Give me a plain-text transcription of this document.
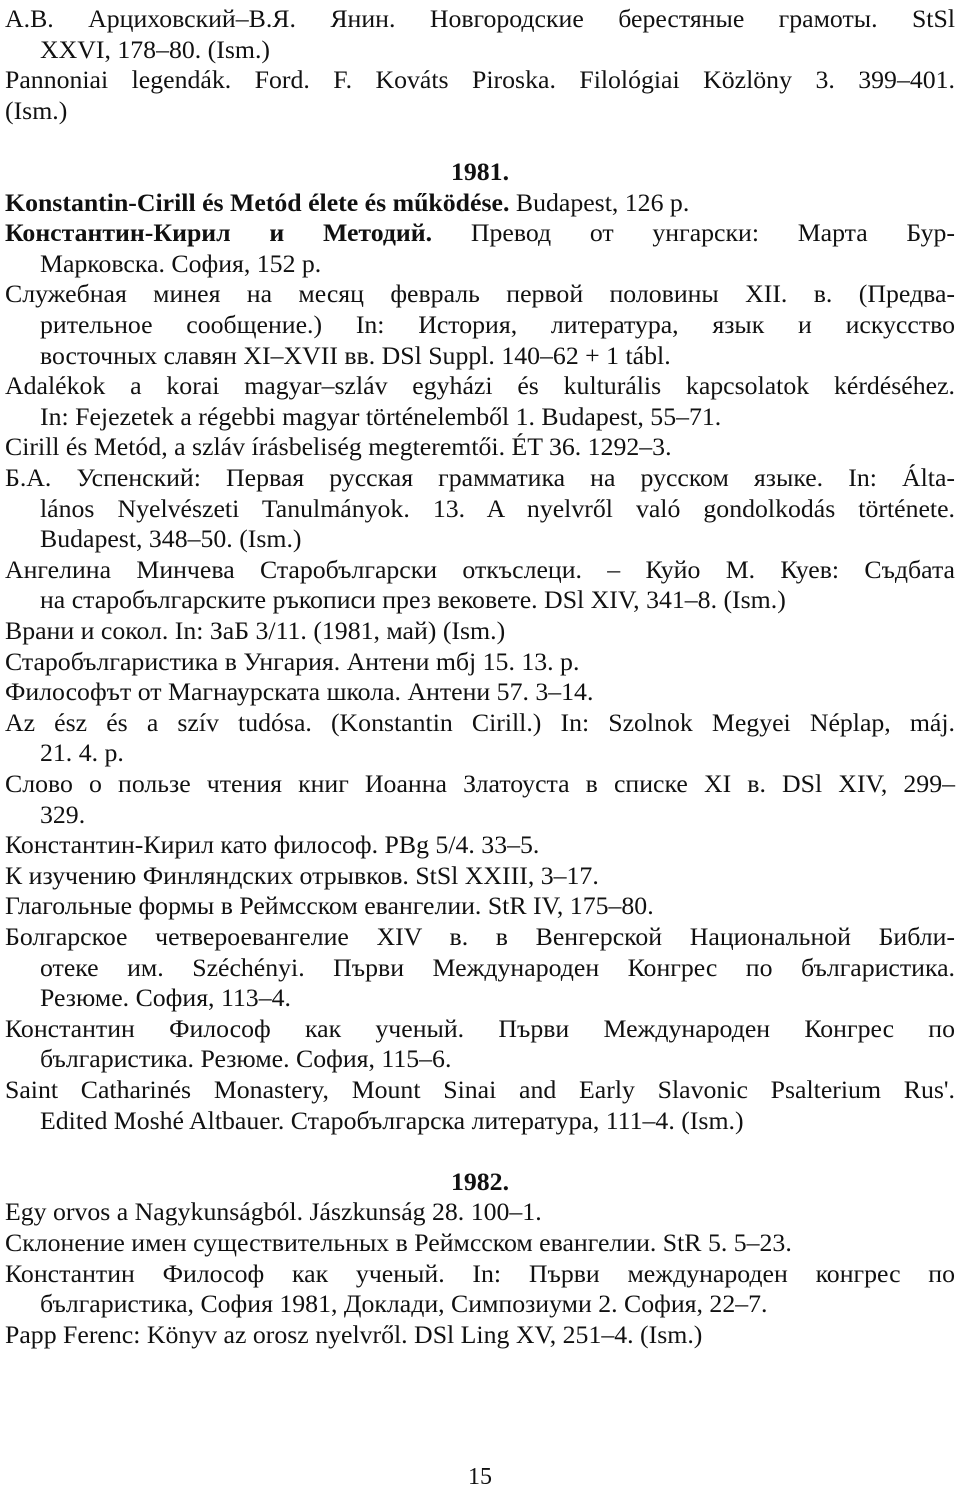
А.В. Арциховский–В.Я. Янин. Новгородские берестяные грамоты. StSl
XXVI, 178–80. (Ism.)
Pannoniai legendák. Ford. F. Kováts Piroska. Filológiai Közlöny 3. 399–401.
(Ism.)
1981.
Konstantin-Cirill és Metód élete és működése. Budapest, 126 p.
Константин-Кирил и Методий. Превод от унгарски: Марта Бур-
Марковска. София, 152 p.
Служебная минея на месяц февраль первой половины XII. в. (Предва-
рительное сообщение.) In: История, литература, язык и искусство
восточных славян XI–XVII вв. DSl Suppl. 140–62 + 1 tábl.
Adalékok a korai magyar–szláv egyházi és kulturális kapcsolatok kérdéséhez.
In: Fejezetek a régebbi magyar történelemből 1. Budapest, 55–71.
Cirill és Metód, a szláv írásbeliség megteremtői. ÉT 36. 1292–3.
Б.А. Успенский: Первая русская грамматика на русском языке. In: Álta-
lános Nyelvészeti Tanulmányok. 13. A nyelvről való gondolkodás története.
Budapest, 348–50. (Ism.)
Ангелина Минчева Старобългарски откъслеци. – Куйо М. Куев: Съдбата
на старобългарските ръкописи през вековете. DSl XIV, 341–8. (Ism.)
Врани и сокол. In: ЗаБ 3/11. (1981, май) (Ism.)
Старобългаристика в Унгария. Антени mбj 15. 13. p.
Философът от Магнаурската школа. Антени 57. 3–14.
Az ész és a szív tudósa. (Konstantin Cirill.) In: Szolnok Megyei Néplap, máj.
21. 4. p.
Слово о пользе чтения книг Иоанна Златоуста в списке XI в. DSl XIV, 299–
329.
Константин-Кирил като философ. PBg 5/4. 33–5.
К изучению Финляндских отрывков. StSl XXIII, 3–17.
Глагольные формы в Реймсском евангелии. StR IV, 175–80.
Болгарское четвероевангелие XIV в. в Венгерской Национальной Библи-
отеке им. Széchényi. Първи Международен Конгрес по българистика.
Резюме. София, 113–4.
Константин Философ как ученый. Първи Международен Конгрес по
българистика. Резюме. София, 115–6.
Saint Catharinés Monastery, Mount Sinai and Early Slavonic Psalterium Rus'.
Edited Moshé Altbauer. Старобългарска литература, 111–4. (Ism.)
1982.
Egy orvos a Nagykunságból. Jászkunság 28. 100–1.
Склонение имен существительных в Реймсском евангелии. StR 5. 5–23.
Константин Философ как ученый. In: Първи международен конгрес по
българистика, София 1981, Доклади, Симпозиуми 2. София, 22–7.
Papp Ferenc: Könyv az orosz nyelvről. DSl Ling XV, 251–4. (Ism.)
15
